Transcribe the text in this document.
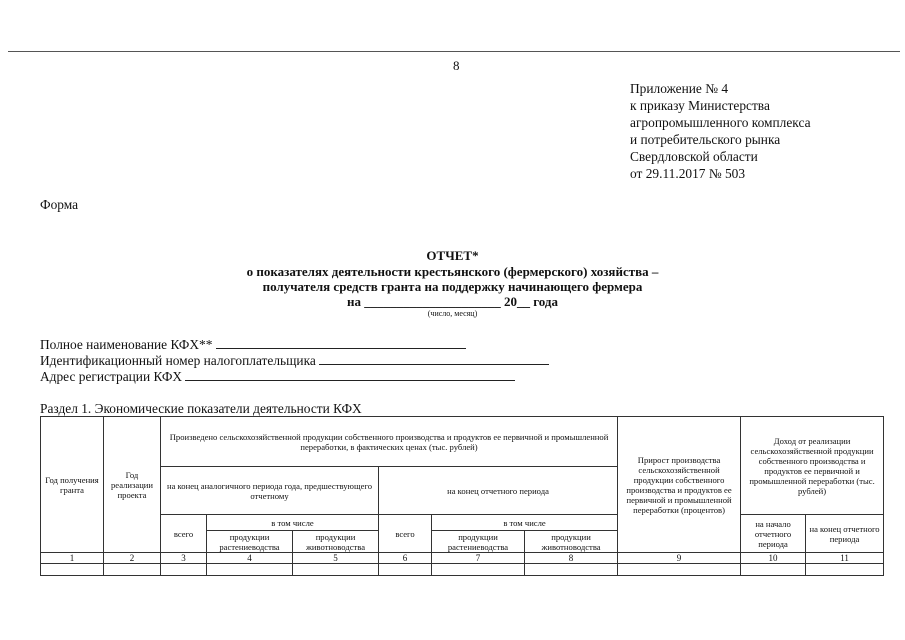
8
Приложение № 4
к приказу Министерства
агропромышленного комплекса
и потребительского рынка
Свердловской области
от 29.11.2017 № 503
Форма
ОТЧЕТ*
о показателях деятельности крестьянского (фермерского) хозяйства –
получателя средств гранта на поддержку начинающего фермера
на _____________________ 20__ года
(число, месяц)
Полное наименование КФХ**
Идентификационный номер налогоплательщика
Адрес регистрации КФХ
Раздел 1. Экономические показатели деятельности КФХ
Год получения гранта	Год реализации проекта	Произведено сельскохозяйственной продукции собственного производства и продуктов ее первичной и промышленной переработки, в фактических ценах (тыс. рублей)						Прирост производства сельскохозяйственной продукции собственного производства и продуктов ее первичной и промышленной переработки (процентов)	Доход от реализации сельскохозяйственной продукции собственного производства и продуктов ее первичной и промышленной переработки (тыс. рублей)	
		на конец аналогичного периода года, предшествующего отчетному			на конец отчетного периода					
		всего	в том числе		всего	в том числе			на начало отчетного периода	на конец отчетного периода
			продукции растениеводства	продукции животноводства		продукции растениеводства	продукции животноводства			
1	2	3	4	5	6	7	8	9	10	11
